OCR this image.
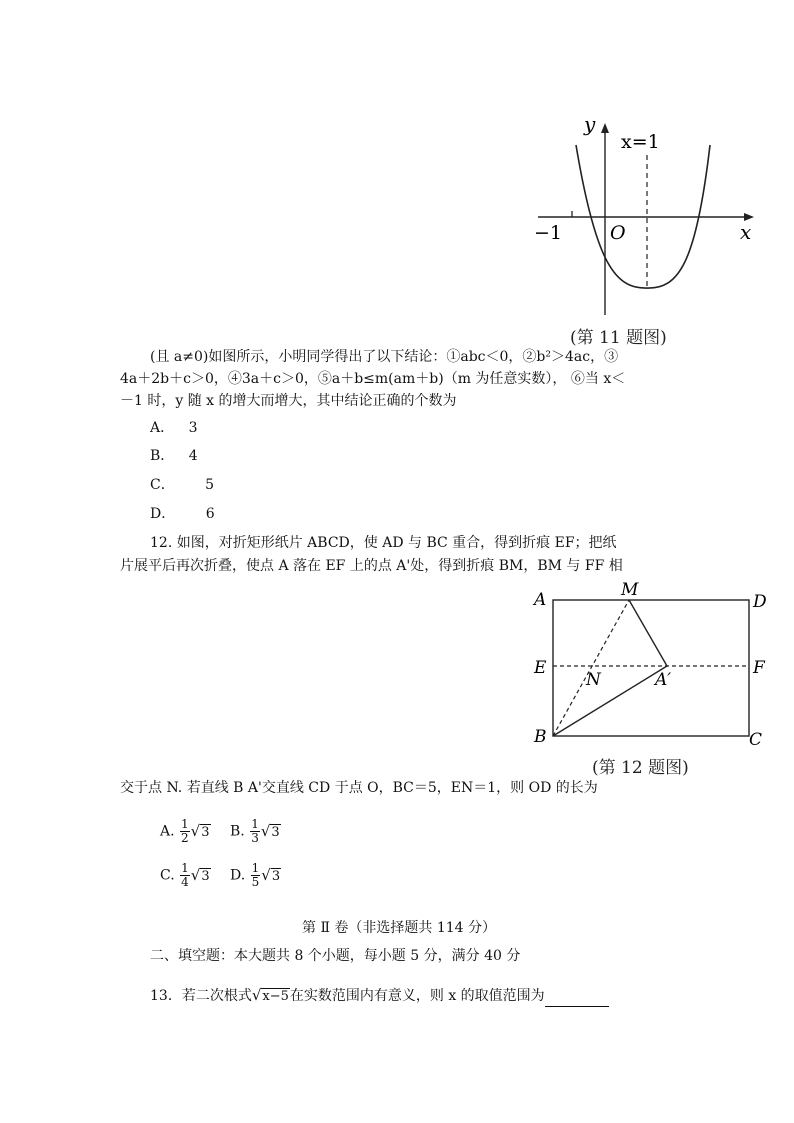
y
x
x=1
−1	O
(第 11 题图)
(且 a≠0)如图所示，小明同学得出了以下结论：①abc＜0，②b²＞4ac，③
4a＋2b＋c＞0，④3a＋c＞0，⑤a＋b≤m(am＋b)（m 为任意实数）， ⑥当 x＜
－1 时，y 随 x 的增大而增大，其中结论正确的个数为
A． 3
B． 4
C． 5
D． 6
12. 如图，对折矩形纸片 ABCD，使 AD 与 BC 重合，得到折痕 EF；把纸
片展平后再次折叠，使点 A 落在 EF 上的点 A'处，得到折痕 BM，BM 与 FF 相
A	M
D
E
N	A′
F
B	C
(第 12 题图)
交于点 N. 若直线 B A'交直线 CD 于点 O，BC＝5，EN＝1，则 OD 的长为
A. $\frac{1}{2} √3$ B. $\frac{1}{3} √3$
C. $\frac{1}{4} √3$ D. $\frac{1}{5} √3$
第 Ⅱ 卷（非选择题共 114 分）
二、填空题：本大题共 8 个小题，每小题 5 分，满分 40 分
13．若二次根式√x−5在实数范围内有意义，则 x 的取值范围为
